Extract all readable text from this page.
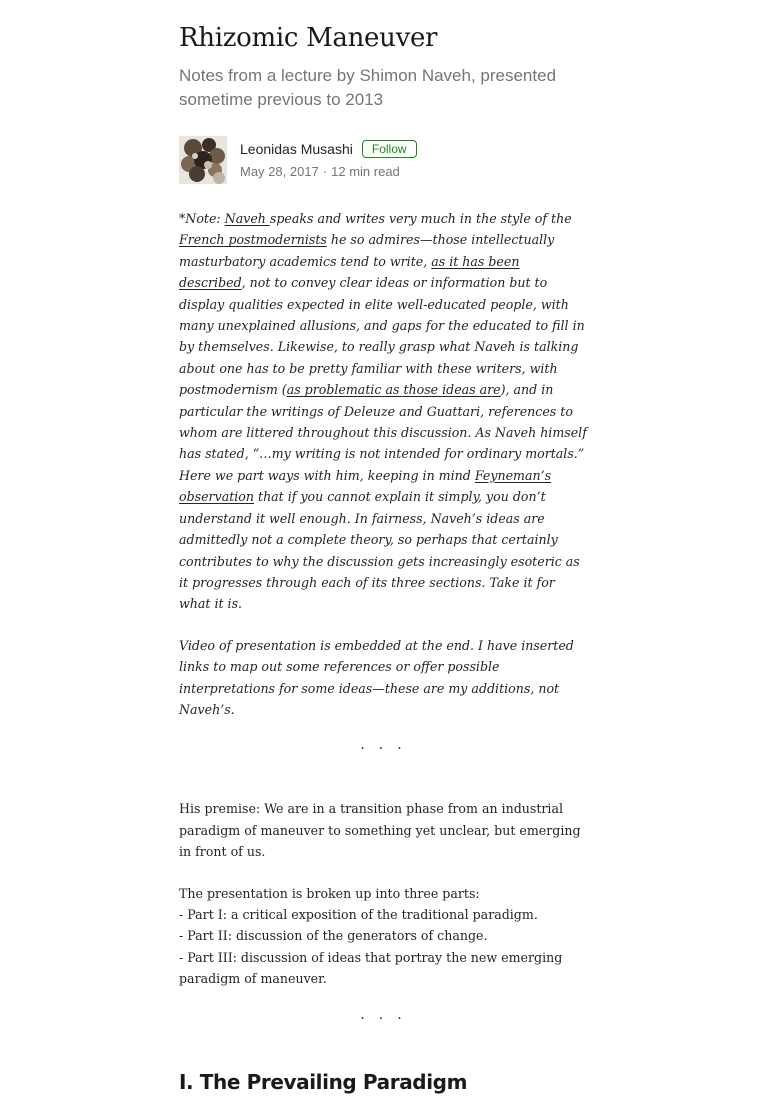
Rhizomic Maneuver
Notes from a lecture by Shimon Naveh, presented sometime previous to 2013
Leonidas Musashi	Follow
May 28, 2017 · 12 min read

*Note: Naveh speaks and writes very much in the style of the French postmodernists he so admires—those intellectually masturbatory academics tend to write, as it has been described, not to convey clear ideas or information but to display qualities expected in elite well-educated people, with many unexplained allusions, and gaps for the educated to fill in by themselves. Likewise, to really grasp what Naveh is talking about one has to be pretty familiar with these writers, with postmodernism (as problematic as those ideas are), and in particular the writings of Deleuze and Guattari, references to whom are littered throughout this discussion. As Naveh himself has stated, “…my writing is not intended for ordinary mortals.” Here we part ways with him, keeping in mind Feyneman’s observation that if you cannot explain it simply, you don’t understand it well enough. In fairness, Naveh’s ideas are admittedly not a complete theory, so perhaps that certainly contributes to why the discussion gets increasingly esoteric as it progresses through each of its three sections. Take it for what it is.

Video of presentation is embedded at the end. I have inserted links to map out some references or offer possible interpretations for some ideas—these are my additions, not Naveh’s.

...

His premise: We are in a transition phase from an industrial paradigm of maneuver to something yet unclear, but emerging in front of us.

The presentation is broken up into three parts:
- Part I: a critical exposition of the traditional paradigm.
- Part II: discussion of the generators of change.
- Part III: discussion of ideas that portray the new emerging paradigm of maneuver.
...
I. The Prevailing Paradigm
